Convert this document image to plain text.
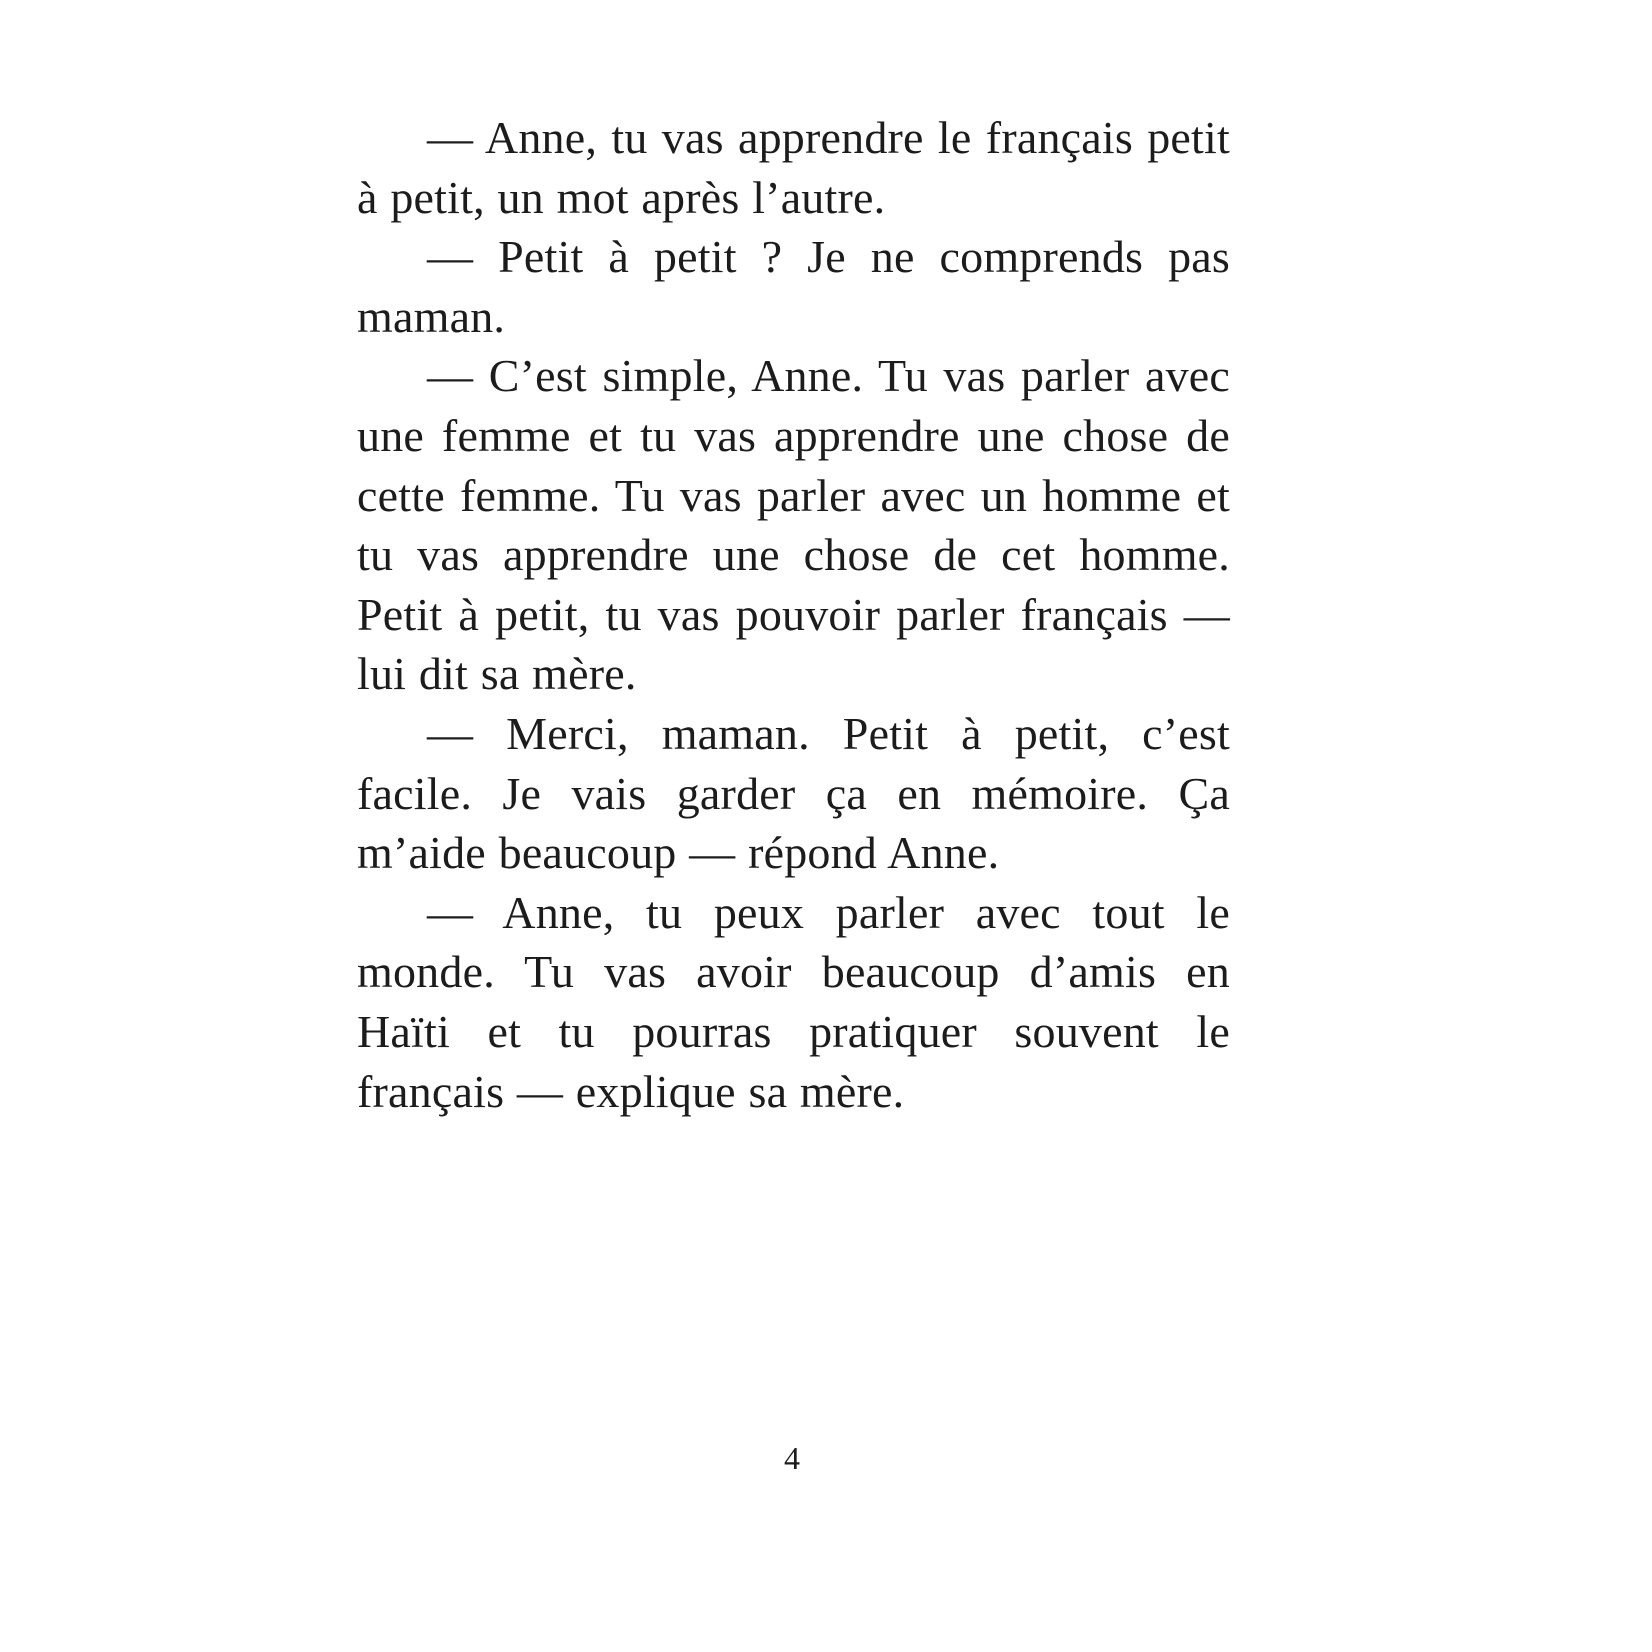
— Anne, tu vas apprendre le français petit à petit, un mot après l’autre.

— Petit à petit ? Je ne comprends pas maman.

— C’est simple, Anne. Tu vas parler avec une femme et tu vas apprendre une chose de cette femme. Tu vas parler avec un homme et tu vas apprendre une chose de cet homme. Petit à petit, tu vas pouvoir parler français — lui dit sa mère.

— Merci, maman. Petit à petit, c’est facile. Je vais garder ça en mémoire. Ça m’aide beaucoup — répond Anne.

— Anne, tu peux parler avec tout le monde. Tu vas avoir beaucoup d’amis en Haïti et tu pourras pratiquer souvent le français — explique sa mère.

4
